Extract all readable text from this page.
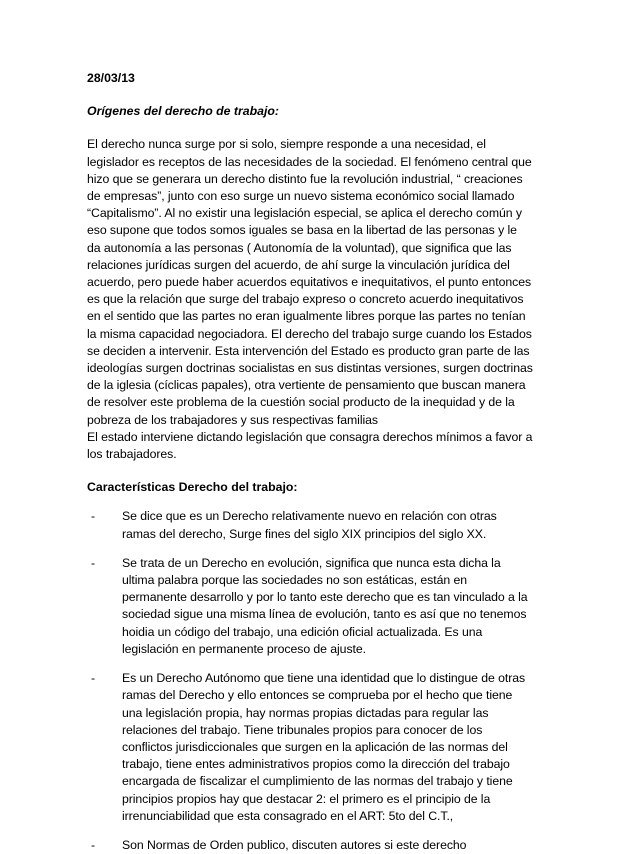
28/03/13

Orígenes del derecho de trabajo:

El derecho nunca surge por si solo, siempre responde a una necesidad, el
legislador es receptos de las necesidades de la sociedad. El fenómeno central que
hizo que se generara un derecho distinto fue la revolución industrial, “ creaciones
de empresas”, junto con eso surge un nuevo sistema económico social llamado
“Capitalismo”. Al no existir una legislación especial, se aplica el derecho común y
eso supone que todos somos iguales se basa en la libertad de las personas y le
da autonomía a las personas ( Autonomía de la voluntad), que significa que las
relaciones jurídicas surgen del acuerdo, de ahí surge la vinculación jurídica del
acuerdo, pero puede haber acuerdos equitativos e inequitativos, el punto entonces
es que la relación que surge del trabajo expreso o concreto acuerdo inequitativos
en el sentido que las partes no eran igualmente libres porque las partes no tenían
la misma capacidad negociadora. El derecho del trabajo surge cuando los Estados
se deciden a intervenir. Esta intervención del Estado es producto gran parte de las
ideologías surgen doctrinas socialistas en sus distintas versiones, surgen doctrinas
de la iglesia (cíclicas papales), otra vertiente de pensamiento que buscan manera
de resolver este problema de la cuestión social producto de la inequidad y de la
pobreza de los trabajadores y sus respectivas familias
El estado interviene dictando legislación que consagra derechos mínimos a favor a
los trabajadores.

Características Derecho del trabajo:

- Se dice que es un Derecho relativamente nuevo en relación con otras
ramas del derecho, Surge fines del siglo XIX principios del siglo XX.
- Se trata de un Derecho en evolución, significa que nunca esta dicha la
ultima palabra porque las sociedades no son estáticas, están en
permanente desarrollo y por lo tanto este derecho que es tan vinculado a la
sociedad sigue una misma línea de evolución, tanto es así que no tenemos
hoidia un código del trabajo, una edición oficial actualizada. Es una
legislación en permanente proceso de ajuste.
- Es un Derecho Autónomo que tiene una identidad que lo distingue de otras
ramas del Derecho y ello entonces se comprueba por el hecho que tiene
una legislación propia, hay normas propias dictadas para regular las
relaciones del trabajo. Tiene tribunales propios para conocer de los
conflictos jurisdiccionales que surgen en la aplicación de las normas del
trabajo, tiene entes administrativos propios como la dirección del trabajo
encargada de fiscalizar el cumplimiento de las normas del trabajo y tiene
principios propios hay que destacar 2: el primero es el principio de la
irrenunciabilidad que esta consagrado en el ART: 5to del C.T.,
- Son Normas de Orden publico, discuten autores si este derecho
